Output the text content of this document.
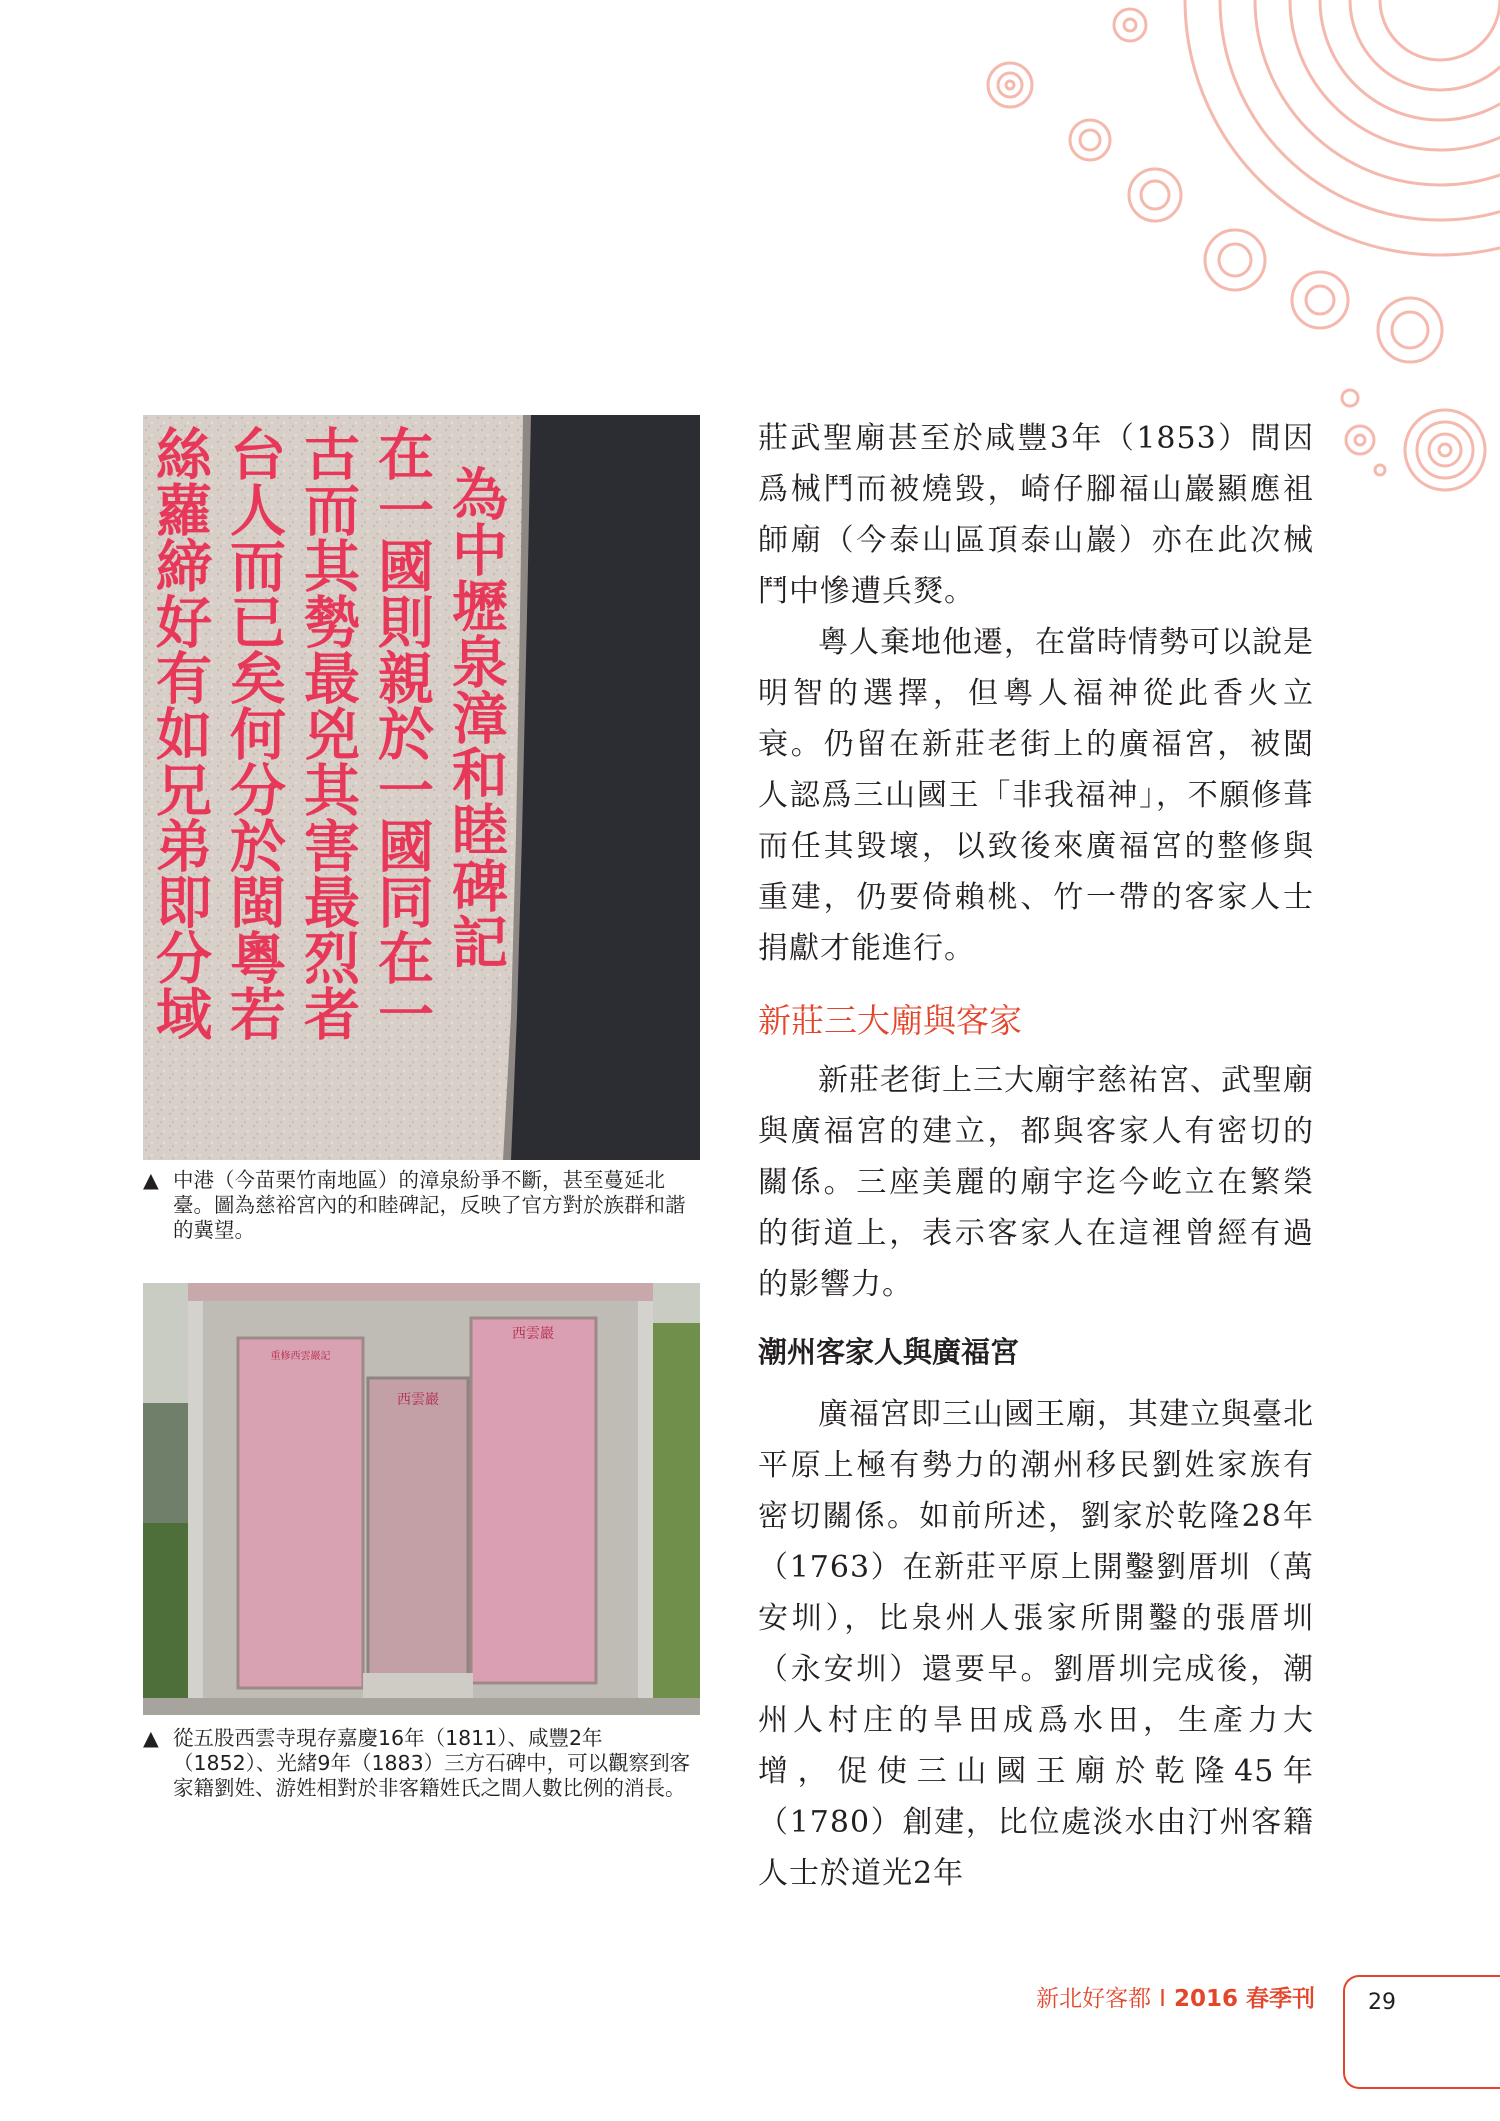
為中壢泉漳和睦碑記
在一國則親於一國同在一
古而其勢最兇其害最烈者
台人而已矣何分於閩粵若
絲蘿締好有如兄弟即分域
▲ 中港（今苗栗竹南地區）的漳泉紛爭不斷，甚至蔓延北臺。圖為慈裕宮內的和睦碑記，反映了官方對於族群和諧的冀望。
重修西雲巖記
西雲巖
西雲巖
▲ 從五股西雲寺現存嘉慶16年（1811）、咸豐2年（1852）、光緒9年（1883）三方石碑中，可以觀察到客家籍劉姓、游姓相對於非客籍姓氏之間人數比例的消長。

莊武聖廟甚至於咸豐3年（1853）間因爲械鬥而被燒毀，崎仔腳福山巖顯應祖師廟（今泰山區頂泰山巖）亦在此次械鬥中慘遭兵燹。

粵人棄地他遷，在當時情勢可以說是明智的選擇，但粵人福神從此香火立衰。仍留在新莊老街上的廣福宮，被閩人認爲三山國王「非我福神」，不願修葺而任其毀壞，以致後來廣福宮的整修與重建，仍要倚賴桃、竹一帶的客家人士捐獻才能進行。

新莊三大廟與客家

新莊老街上三大廟宇慈祐宮、武聖廟與廣福宮的建立，都與客家人有密切的關係。三座美麗的廟宇迄今屹立在繁榮的街道上，表示客家人在這裡曾經有過的影響力。

潮州客家人與廣福宮

廣福宮即三山國王廟，其建立與臺北平原上極有勢力的潮州移民劉姓家族有密切關係。如前所述，劉家於乾隆28年（1763）在新莊平原上開鑿劉厝圳（萬安圳），比泉州人張家所開鑿的張厝圳（永安圳）還要早。劉厝圳完成後，潮州人村庄的旱田成爲水田，生產力大增，促使三山國王廟於乾隆45年（1780）創建，比位處淡水由汀州客籍人士於道光2年

新北好客都 I 2016 春季刊 29
